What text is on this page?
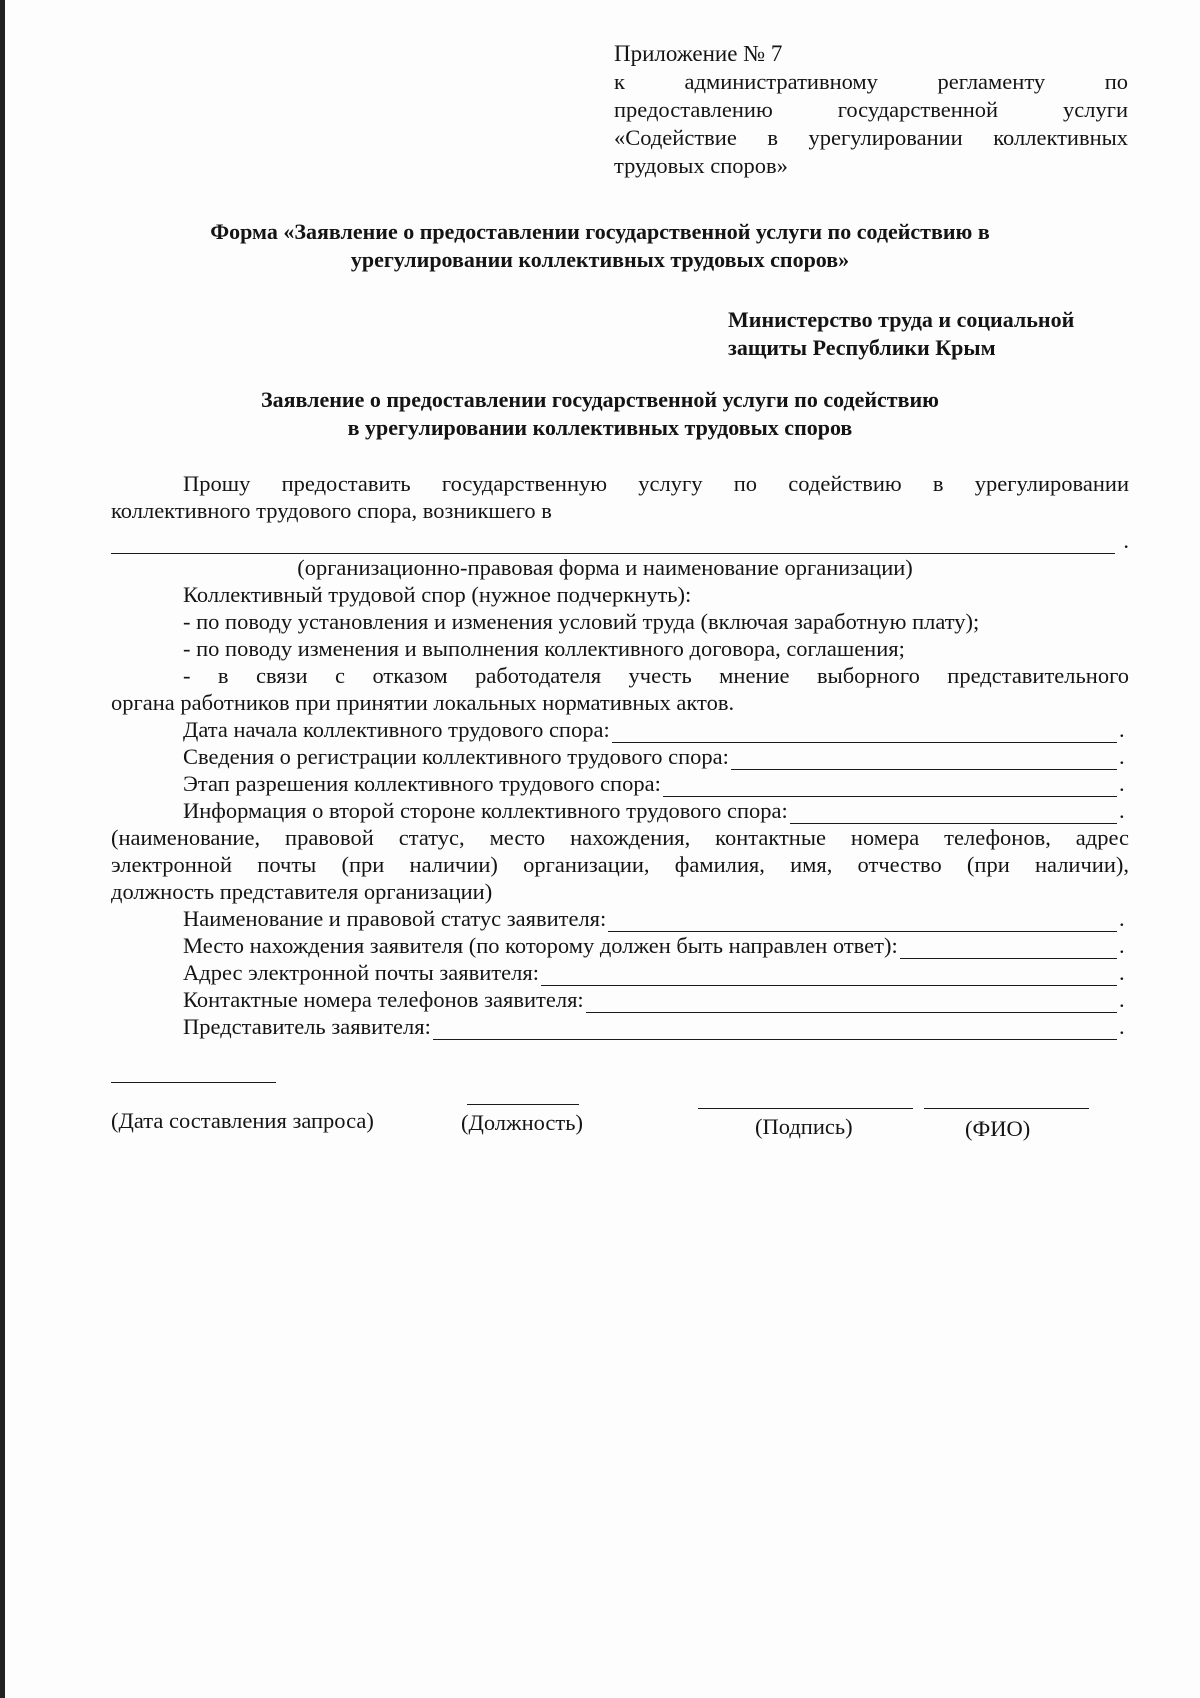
Приложение № 7
к административному регламенту по
предоставлению государственной услуги
«Содействие в урегулировании коллективных
трудовых споров»
Форма «Заявление о предоставлении государственной услуги по содействию в
урегулировании коллективных трудовых споров»
Министерство труда и социальной
защиты Республики Крым
Заявление о предоставлении государственной услуги по содействию
в урегулировании коллективных трудовых споров
Прошу предоставить государственную услугу по содействию в урегулировании
коллективного трудового спора, возникшего в
.
(организационно-правовая форма и наименование организации)
Коллективный трудовой спор (нужное подчеркнуть):
- по поводу установления и изменения условий труда (включая заработную плату);
- по поводу изменения и выполнения коллективного договора, соглашения;
- в связи с отказом работодателя учесть мнение выборного представительного
органа работников при принятии локальных нормативных актов.
Дата начала коллективного трудового спора:	.
Сведения о регистрации коллективного трудового спора:	.
Этап разрешения коллективного трудового спора:	.
Информация о второй стороне коллективного трудового спора:	.
(наименование, правовой статус, место нахождения, контактные номера телефонов, адрес
электронной почты (при наличии) организации, фамилия, имя, отчество (при наличии),
должность представителя организации)
Наименование и правовой статус заявителя:	.
Место нахождения заявителя (по которому должен быть направлен ответ):	.
Адрес электронной почты заявителя:	.
Контактные номера телефонов заявителя:	.
Представитель заявителя:	.
(Дата составления запроса)	(Должность)	(Подпись)	(ФИО)
